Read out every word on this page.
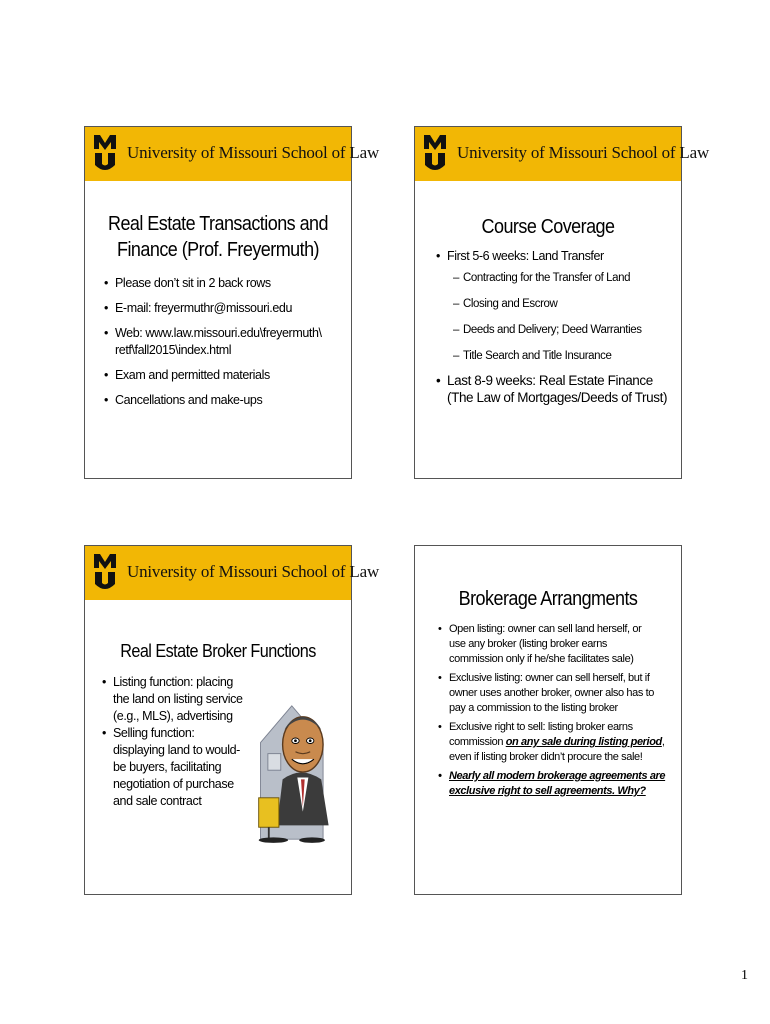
University of Missouri School of Law
Real Estate Transactions and
Finance (Prof. Freyermuth)
• Please don’t sit in 2 back rows
• E-mail: freyermuthr@missouri.edu
• Web: www.law.missouri.edu\freyermuth\
retf\fall2015\index.html
• Exam and permitted materials
• Cancellations and make-ups
University of Missouri School of Law
Course Coverage
• First 5-6 weeks: Land Transfer
– Contracting for the Transfer of Land
– Closing and Escrow
– Deeds and Delivery; Deed Warranties
– Title Search and Title Insurance
• Last 8-9 weeks: Real Estate Finance
(The Law of Mortgages/Deeds of Trust)
University of Missouri School of Law
Real Estate Broker Functions
• Listing function: placing
the land on listing service
(e.g., MLS), advertising
• Selling function:
displaying land to would-
be buyers, facilitating
negotiation of purchase
and sale contract
Brokerage Arrangments
• Open listing: owner can sell land herself, or
use any broker (listing broker earns
commission only if he/she facilitates sale)
• Exclusive listing: owner can sell herself, but if
owner uses another broker, owner also has to
pay a commission to the listing broker
• Exclusive right to sell: listing broker earns
commission on any sale during listing period,
even if listing broker didn’t procure the sale!
• Nearly all modern brokerage agreements are
exclusive right to sell agreements. Why?
1
